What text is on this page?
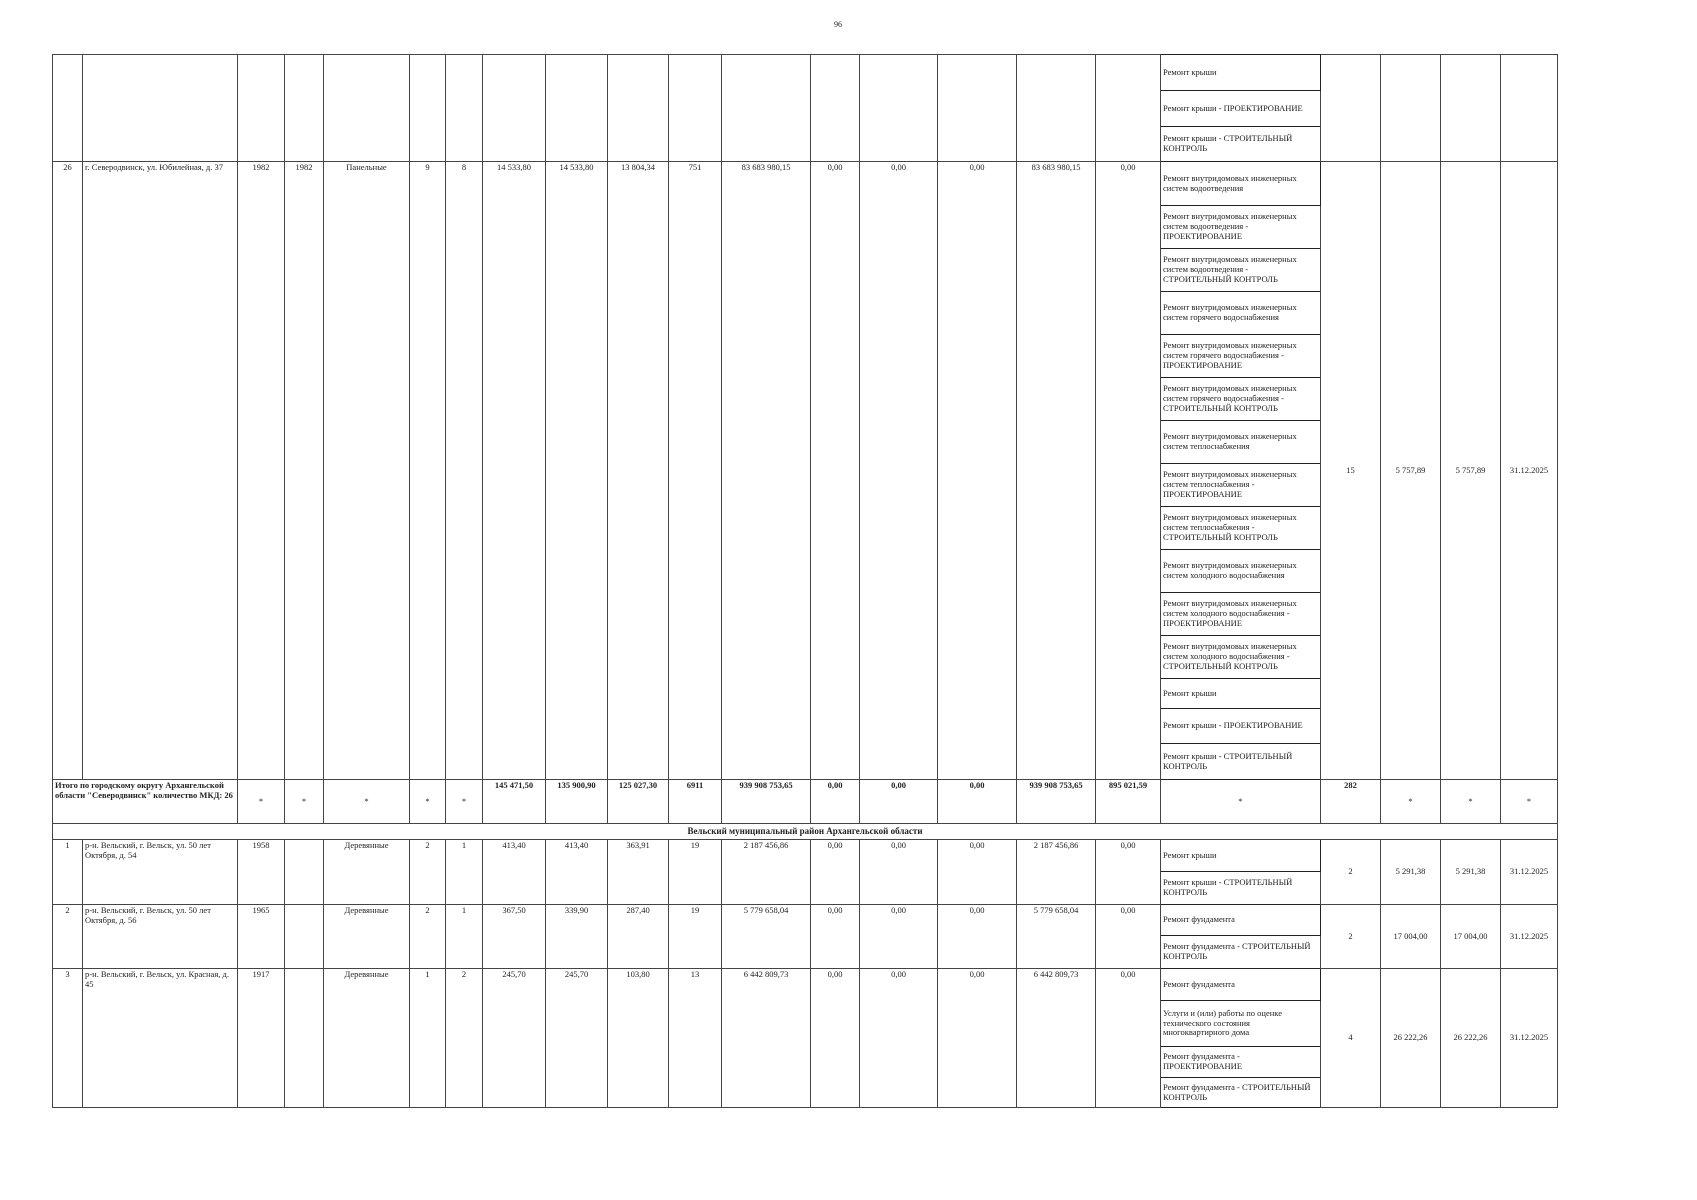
96
																	Ремонт крыши				
																	Ремонт крыши - ПРОЕКТИРОВАНИЕ				
																	Ремонт крыши - СТРОИТЕЛЬНЫЙ КОНТРОЛЬ				
26	г. Северодвинск, ул. Юбилейная, д. 37	1982	1982	Панельные	9	8	14 533,80	14 533,80	13 804,34	751	83 683 980,15	0,00	0,00	0,00	83 683 980,15	0,00	Ремонт внутридомовых инженерных систем водоотведения	15	5 757,89	5 757,89	31.12.2025
																	Ремонт внутридомовых инженерных систем водоотведения - ПРОЕКТИРОВАНИЕ				
																	Ремонт внутридомовых инженерных систем водоотведения - СТРОИТЕЛЬНЫЙ КОНТРОЛЬ				
																	Ремонт внутридомовых инженерных систем горячего водоснабжения				
																	Ремонт внутридомовых инженерных систем горячего водоснабжения - ПРОЕКТИРОВАНИЕ				
																	Ремонт внутридомовых инженерных систем горячего водоснабжения - СТРОИТЕЛЬНЫЙ КОНТРОЛЬ				
																	Ремонт внутридомовых инженерных систем теплоснабжения				
																	Ремонт внутридомовых инженерных систем теплоснабжения - ПРОЕКТИРОВАНИЕ				
																	Ремонт внутридомовых инженерных систем теплоснабжения - СТРОИТЕЛЬНЫЙ КОНТРОЛЬ				
																	Ремонт внутридомовых инженерных систем холодного водоснабжения				
																	Ремонт внутридомовых инженерных систем холодного водоснабжения - ПРОЕКТИРОВАНИЕ				
																	Ремонт внутридомовых инженерных систем холодного водоснабжения - СТРОИТЕЛЬНЫЙ КОНТРОЛЬ				
																	Ремонт крыши				
																	Ремонт крыши - ПРОЕКТИРОВАНИЕ				
																	Ремонт крыши - СТРОИТЕЛЬНЫЙ КОНТРОЛЬ				
Итого по городскому округу Архангельской области "Северодвинск" количество МКД: 26		*	*	*	*	*	145 471,50	135 900,90	125 027,30	6911	939 908 753,65	0,00	0,00	0,00	939 908 753,65	895 021,59	*	282	*	*	*
Вельский муниципальный район Архангельской области																					
1	р-н. Вельский, г. Вельск, ул. 50 лет Октября, д. 54	1958		Деревянные	2	1	413,40	413,40	363,91	19	2 187 456,86	0,00	0,00	0,00	2 187 456,86	0,00	Ремонт крыши	2	5 291,38	5 291,38	31.12.2025
																	Ремонт крыши - СТРОИТЕЛЬНЫЙ КОНТРОЛЬ				
2	р-н. Вельский, г. Вельск, ул. 50 лет Октября, д. 56	1965		Деревянные	2	1	367,50	339,90	287,40	19	5 779 658,04	0,00	0,00	0,00	5 779 658,04	0,00	Ремонт фундамента	2	17 004,00	17 004,00	31.12.2025
																	Ремонт фундамента - СТРОИТЕЛЬНЫЙ КОНТРОЛЬ				
3	р-н. Вельский, г. Вельск, ул. Красная, д. 45	1917		Деревянные	1	2	245,70	245,70	103,80	13	6 442 809,73	0,00	0,00	0,00	6 442 809,73	0,00	Ремонт фундамента	4	26 222,26	26 222,26	31.12.2025
																	Услуги и (или) работы по оценке технического состояния многоквартирного дома				
																	Ремонт фундамента - ПРОЕКТИРОВАНИЕ				
																	Ремонт фундамента - СТРОИТЕЛЬНЫЙ КОНТРОЛЬ				
